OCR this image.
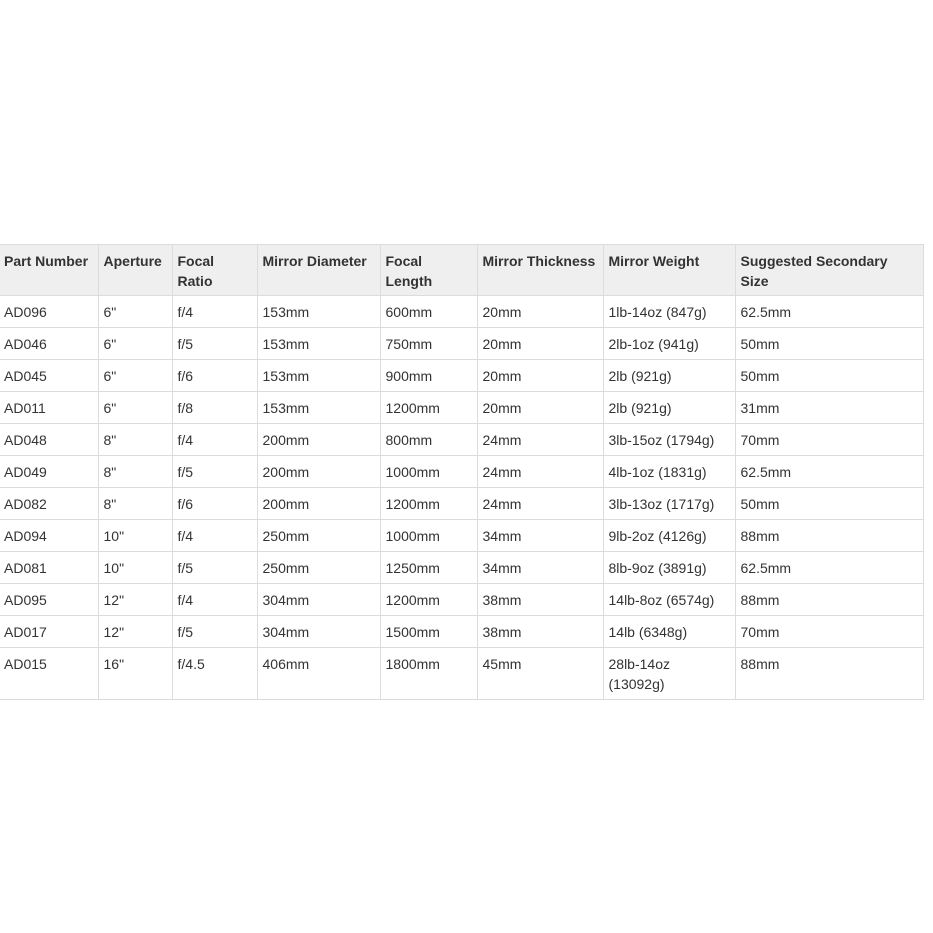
Part Number	Aperture	Focal Ratio	Mirror Diameter	Focal Length	Mirror Thickness	Mirror Weight	Suggested Secondary Size
AD096	6"	f/4	153mm	600mm	20mm	1lb-14oz (847g)	62.5mm
AD046	6"	f/5	153mm	750mm	20mm	2lb-1oz (941g)	50mm
AD045	6"	f/6	153mm	900mm	20mm	2lb (921g)	50mm
AD011	6"	f/8	153mm	1200mm	20mm	2lb (921g)	31mm
AD048	8"	f/4	200mm	800mm	24mm	3lb-15oz (1794g)	70mm
AD049	8"	f/5	200mm	1000mm	24mm	4lb-1oz (1831g)	62.5mm
AD082	8"	f/6	200mm	1200mm	24mm	3lb-13oz (1717g)	50mm
AD094	10"	f/4	250mm	1000mm	34mm	9lb-2oz (4126g)	88mm
AD081	10"	f/5	250mm	1250mm	34mm	8lb-9oz (3891g)	62.5mm
AD095	12"	f/4	304mm	1200mm	38mm	14lb-8oz (6574g)	88mm
AD017	12"	f/5	304mm	1500mm	38mm	14lb (6348g)	70mm
AD015	16"	f/4.5	406mm	1800mm	45mm	28lb-14oz (13092g)	88mm
